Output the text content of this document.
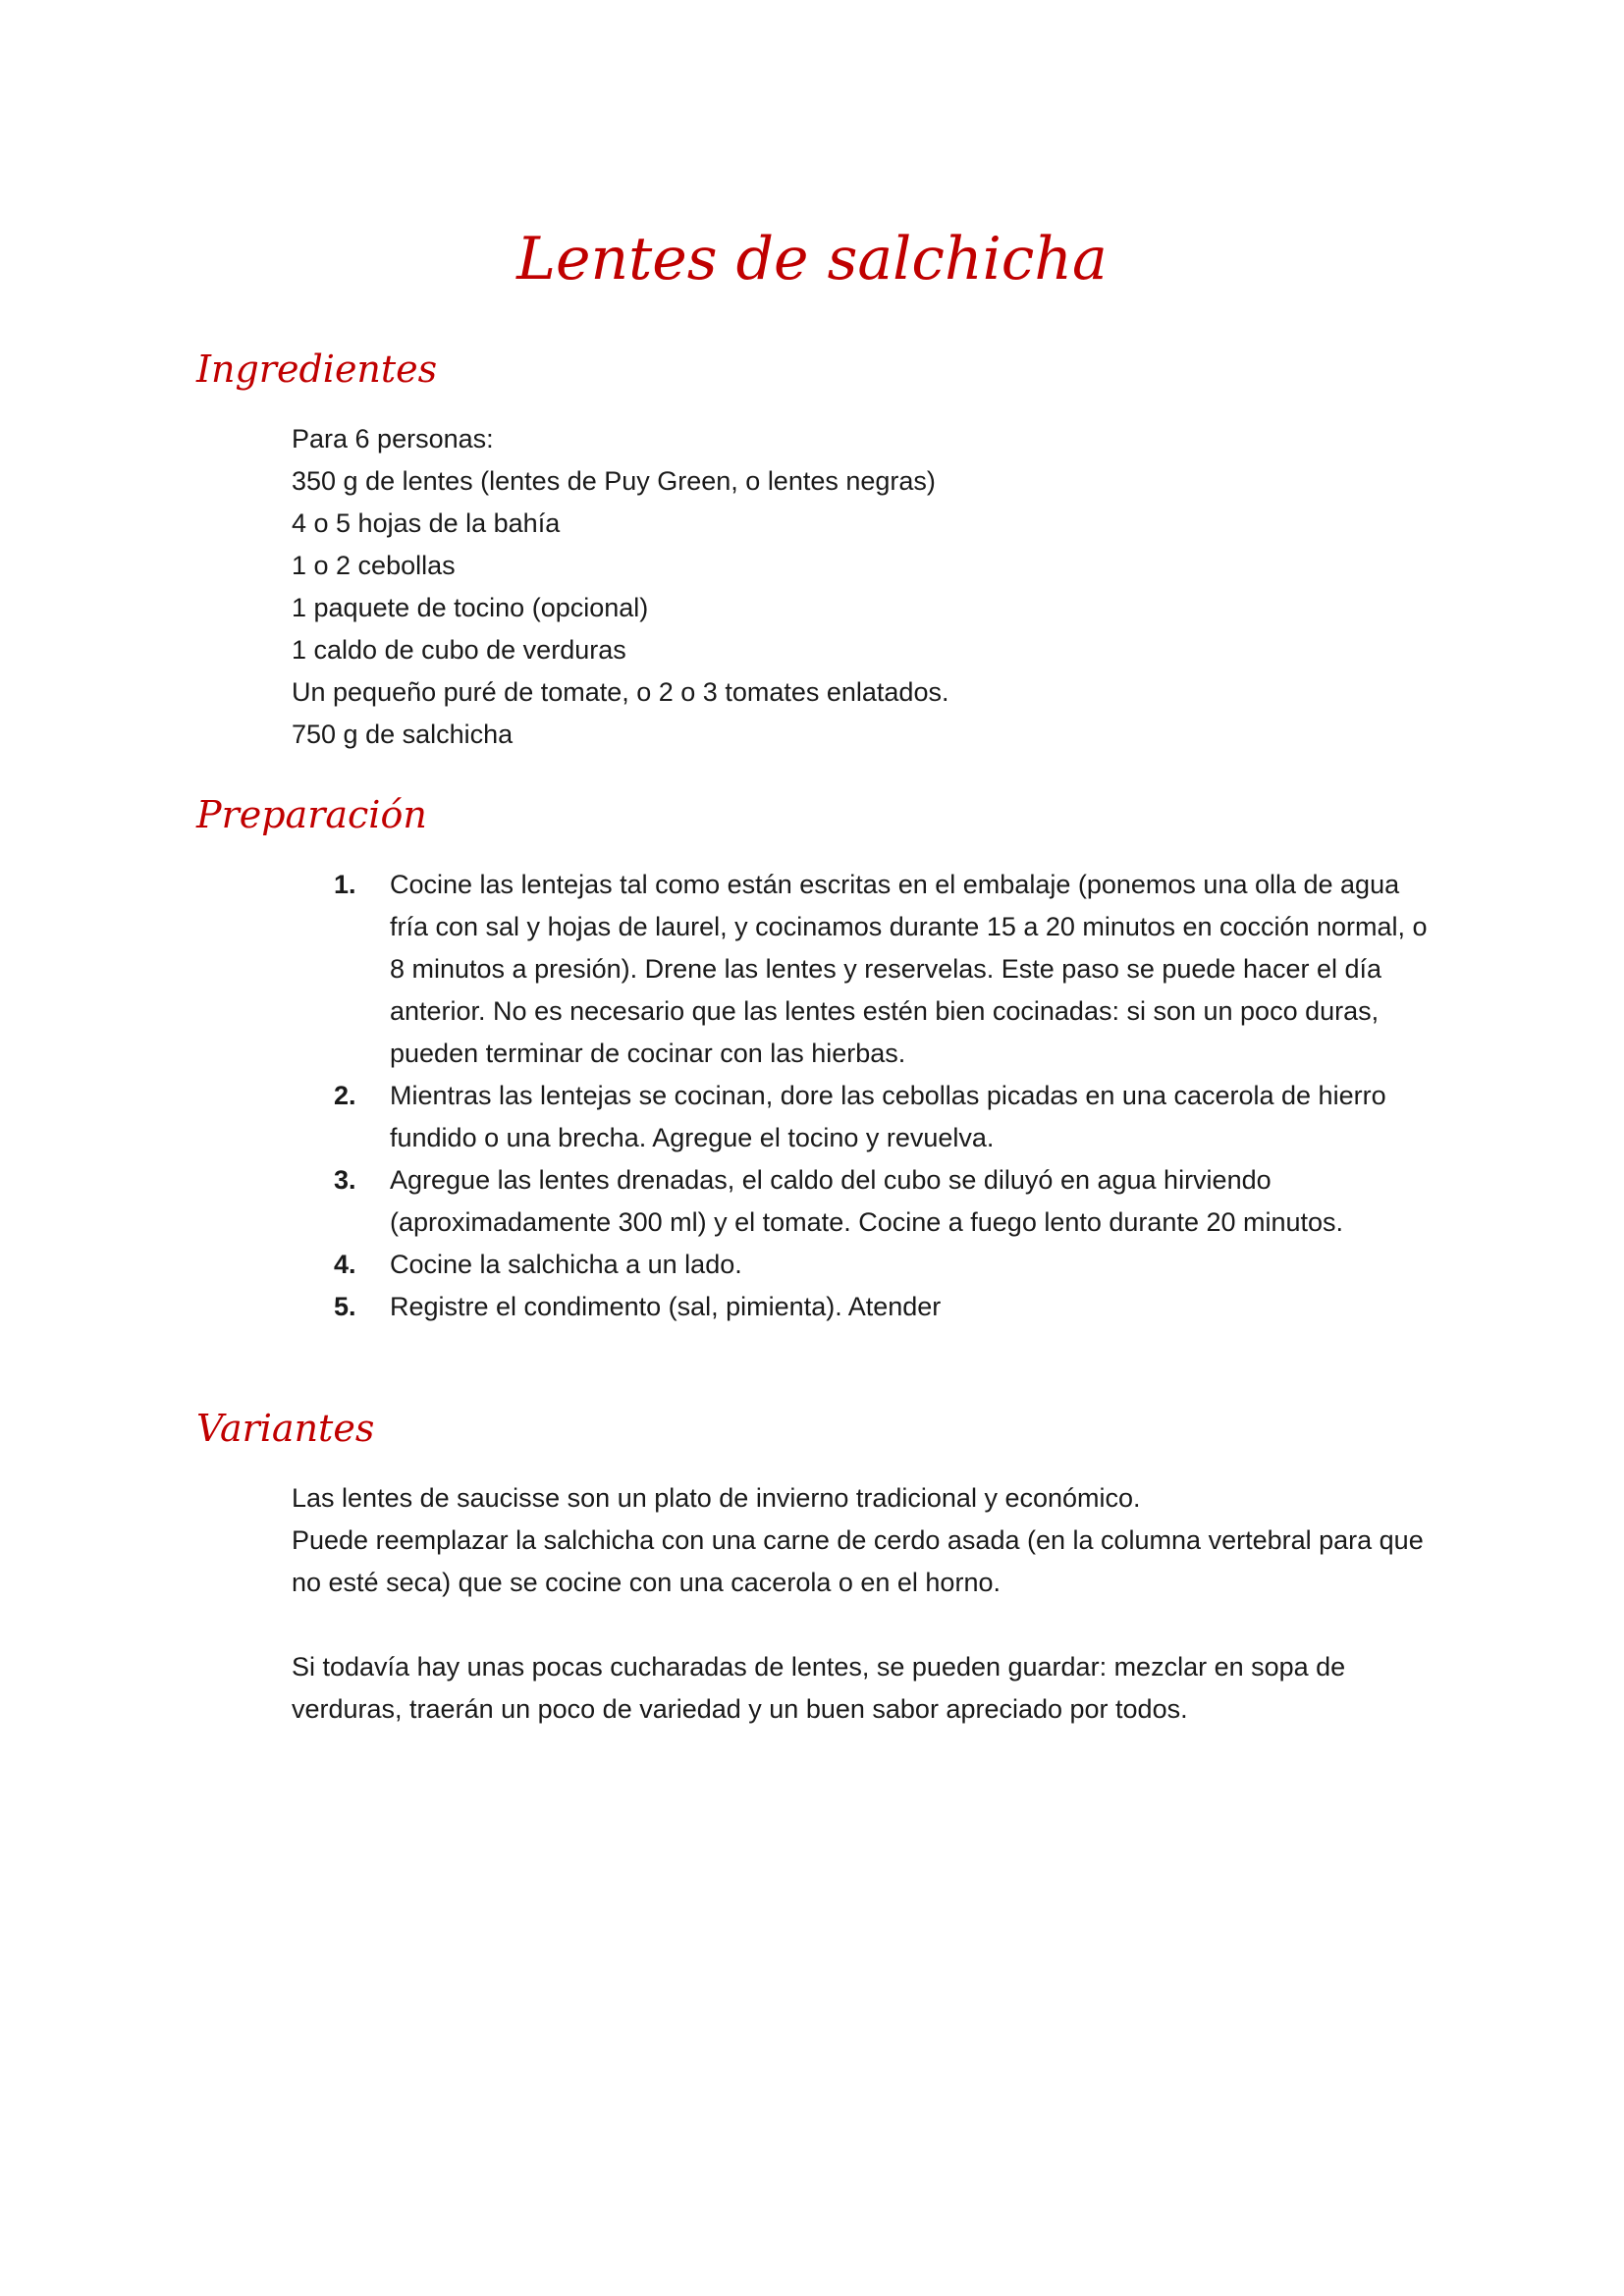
Lentes de salchicha
Ingredientes
Para 6 personas:
350 g de lentes (lentes de Puy Green, o lentes negras)
4 o 5 hojas de la bahía
1 o 2 cebollas
1 paquete de tocino (opcional)
1 caldo de cubo de verduras
Un pequeño puré de tomate, o 2 o 3 tomates enlatados.
750 g de salchicha
Preparación
1. Cocine las lentejas tal como están escritas en el embalaje (ponemos una olla de agua fría con sal y hojas de laurel, y cocinamos durante 15 a 20 minutos en cocción normal, o 8 minutos a presión). Drene las lentes y reservelas. Este paso se puede hacer el día anterior. No es necesario que las lentes estén bien cocinadas: si son un poco duras, pueden terminar de cocinar con las hierbas.
2. Mientras las lentejas se cocinan, dore las cebollas picadas en una cacerola de hierro fundido o una brecha. Agregue el tocino y revuelva.
3. Agregue las lentes drenadas, el caldo del cubo se diluyó en agua hirviendo (aproximadamente 300 ml) y el tomate. Cocine a fuego lento durante 20 minutos.
4. Cocine la salchicha a un lado.
5. Registre el condimento (sal, pimienta). Atender
Variantes
Las lentes de saucisse son un plato de invierno tradicional y económico.
Puede reemplazar la salchicha con una carne de cerdo asada (en la columna vertebral para que no esté seca) que se cocine con una cacerola o en el horno.

Si todavía hay unas pocas cucharadas de lentes, se pueden guardar: mezclar en sopa de verduras, traerán un poco de variedad y un buen sabor apreciado por todos.
